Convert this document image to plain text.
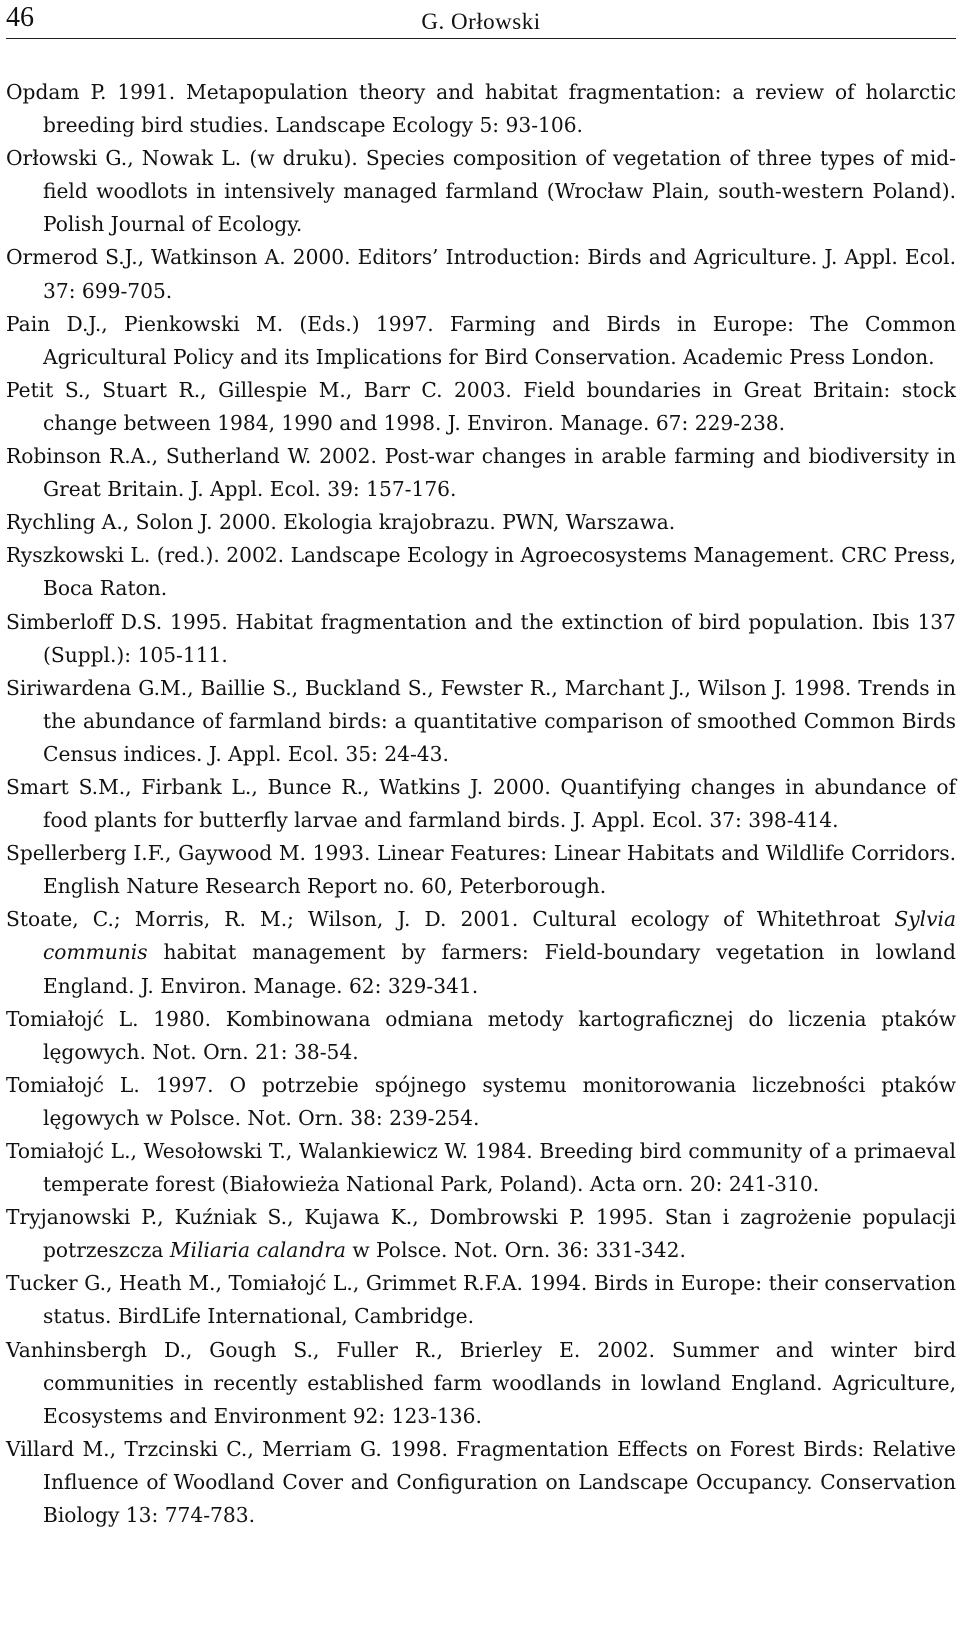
46	G. Orłowski
Opdam P. 1991. Metapopulation theory and habitat fragmentation: a review of holarctic breeding bird studies. Landscape Ecology 5: 93-106.
Orłowski G., Nowak L. (w druku). Species composition of vegetation of three types of mid-field woodlots in intensively managed farmland (Wrocław Plain, south-western Poland). Polish Journal of Ecology.
Ormerod S.J., Watkinson A. 2000. Editors’ Introduction: Birds and Agriculture. J. Appl. Ecol. 37: 699-705.
Pain D.J., Pienkowski M. (Eds.) 1997. Farming and Birds in Europe: The Common Agricultural Policy and its Implications for Bird Conservation. Academic Press London.
Petit S., Stuart R., Gillespie M., Barr C. 2003. Field boundaries in Great Britain: stock change between 1984, 1990 and 1998. J. Environ. Manage. 67: 229-238.
Robinson R.A., Sutherland W. 2002. Post-war changes in arable farming and biodiversity in Great Britain. J. Appl. Ecol. 39: 157-176.
Rychling A., Solon J. 2000. Ekologia krajobrazu. PWN, Warszawa.
Ryszkowski L. (red.). 2002. Landscape Ecology in Agroecosystems Management. CRC Press, Boca Raton.
Simberloff D.S. 1995. Habitat fragmentation and the extinction of bird population. Ibis 137 (Suppl.): 105-111.
Siriwardena G.M., Baillie S., Buckland S., Fewster R., Marchant J., Wilson J. 1998. Trends in the abundance of farmland birds: a quantitative comparison of smoothed Common Birds Census indices. J. Appl. Ecol. 35: 24-43.
Smart S.M., Firbank L., Bunce R., Watkins J. 2000. Quantifying changes in abundance of food plants for butterfly larvae and farmland birds. J. Appl. Ecol. 37: 398-414.
Spellerberg I.F., Gaywood M. 1993. Linear Features: Linear Habitats and Wildlife Corridors. English Nature Research Report no. 60, Peterborough.
Stoate, C.; Morris, R. M.; Wilson, J. D. 2001. Cultural ecology of Whitethroat Sylvia communis habitat management by farmers: Field-boundary vegetation in lowland England. J. Environ. Manage. 62: 329-341.
Tomiałojć L. 1980. Kombinowana odmiana metody kartograficznej do liczenia ptaków lęgowych. Not. Orn. 21: 38-54.
Tomiałojć L. 1997. O potrzebie spójnego systemu monitorowania liczebności ptaków lęgowych w Polsce. Not. Orn. 38: 239-254.
Tomiałojć L., Wesołowski T., Walankiewicz W. 1984. Breeding bird community of a primaeval temperate forest (Białowieża National Park, Poland). Acta orn. 20: 241-310.
Tryjanowski P., Kuźniak S., Kujawa K., Dombrowski P. 1995. Stan i zagrożenie populacji potrzeszcza Miliaria calandra w Polsce. Not. Orn. 36: 331-342.
Tucker G., Heath M., Tomiałojć L., Grimmet R.F.A. 1994. Birds in Europe: their conservation status. BirdLife International, Cambridge.
Vanhinsbergh D., Gough S., Fuller R., Brierley E. 2002. Summer and winter bird communities in recently established farm woodlands in lowland England. Agriculture, Ecosystems and Environment 92: 123-136.
Villard M., Trzcinski C., Merriam G. 1998. Fragmentation Effects on Forest Birds: Relative Influence of Woodland Cover and Configuration on Landscape Occupancy. Conservation Biology 13: 774-783.
